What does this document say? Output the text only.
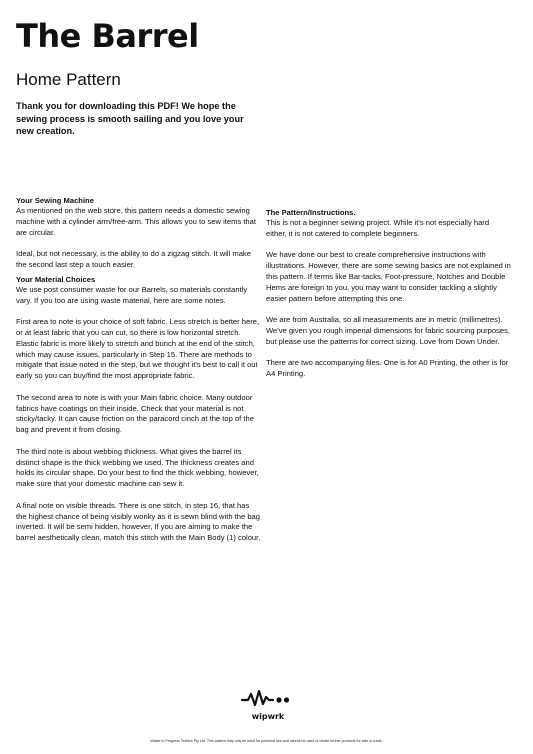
The Barrel
Home Pattern

Thank you for downloading this PDF! We hope the sewing process is smooth sailing and you love your new creation.

Your Sewing Machine

As mentioned on the web store, this pattern needs a domestic sewing machine with a cylinder arm/free-arm. This allows you to sew items that are circular.

Ideal, but not necessary, is the ability to do a zigzag stitch. It will make the second last step a touch easier.

Your Material Choices

We use post consumer waste for our Barrels, so materials constantly vary. If you too are using waste material, here are some notes.

First area to note is your choice of soft fabric. Less stretch is better here, or at least fabric that you can cut, so there is low horizontal stretch. Elastic fabric is more likely to stretch and bunch at the end of the stitch, which may cause issues, particularly in Step 15. There are methods to mitigate that issue noted in the step, but we thought it's best to call it out early so you can buy/find the most appropriate fabric.

The second area to note is with your Main fabric choice. Many outdoor fabrics have coatings on their inside. Check that your material is not sticky/tacky. It can cause friction on the paracord cinch at the top of the bag and prevent it from closing.

The third note is about webbing thickness. What gives the barrel its distinct shape is the thick webbing we used. The thickness creates and holds its circular shape. Do your best to find the thick webbing, however, make sure that your domestic machine can sew it.

A final note on visible threads. There is one stitch, in step 16, that has the highest chance of being visibly wonky as it is sewn blind with the bag inverted. It will be semi hidden, however, If you are aiming to make the barrel aesthetically clean, match this stitch with the Main Body (1) colour.

The Pattern/Instructions.

This is not a beginner sewing project. While it's not especially hard either, it is not catered to complete beginners.

We have done our best to create comprehensive instructions with illustrations. However, there are some sewing basics are not explained in this pattern. If terms like Bar-tacks, Foot-pressure, Notches and Double Hems are foreign to you, you may want to consider tackling a slightly easier pattern before attempting this one.

We are from Australia, so all measurements are in metric (millimetres). We've given you rough imperial dimensions for fabric sourcing purposes, but please use the patterns for correct sizing. Love from Down Under.

There are two accompanying files. One is for A0 Printing, the other is for A4 Printing.

wipwrk
Waste In Progress Textiles Pty Ltd. This pattern may only be used for personal use and cannot be used to create further products for sale or trade.
